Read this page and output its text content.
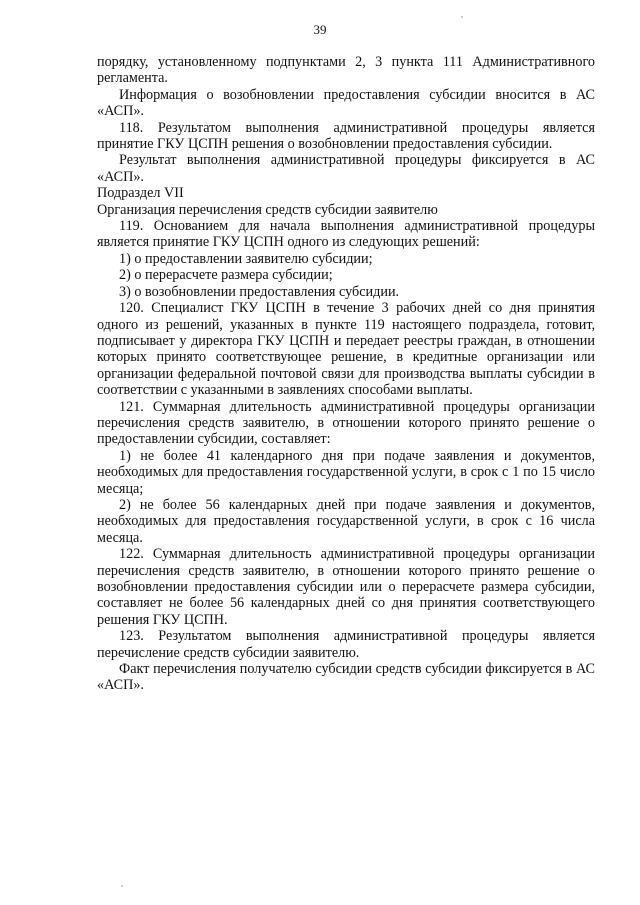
39

порядку, установленному подпунктами 2, 3 пункта 111 Административного регламента.

Информация о возобновлении предоставления субсидии вносится в АС «АСП».

118. Результатом выполнения административной процедуры является принятие ГКУ ЦСПН решения о возобновлении предоставления субсидии.

Результат выполнения административной процедуры фиксируется в АС «АСП».

Подраздел VII

Организация перечисления средств субсидии заявителю

119. Основанием для начала выполнения административной процедуры является принятие ГКУ ЦСПН одного из следующих решений:

1) о предоставлении заявителю субсидии;

2) о перерасчете размера субсидии;

3) о возобновлении предоставления субсидии.

120. Специалист ГКУ ЦСПН в течение 3 рабочих дней со дня принятия одного из решений, указанных в пункте 119 настоящего подраздела, готовит, подписывает у директора ГКУ ЦСПН и передает реестры граждан, в отношении которых принято соответствующее решение, в кредитные организации или организации федеральной почтовой связи для производства выплаты субсидии в соответствии с указанными в заявлениях способами выплаты.

121. Суммарная длительность административной процедуры организации перечисления средств заявителю, в отношении которого принято решение о предоставлении субсидии, составляет:

1) не более 41 календарного дня при подаче заявления и документов, необходимых для предоставления государственной услуги, в срок с 1 по 15 число месяца;

2) не более 56 календарных дней при подаче заявления и документов, необходимых для предоставления государственной услуги, в срок с 16 числа месяца.

122. Суммарная длительность административной процедуры организации перечисления средств заявителю, в отношении которого принято решение о возобновлении предоставления субсидии или о перерасчете размера субсидии, составляет не более 56 календарных дней со дня принятия соответствующего решения ГКУ ЦСПН.

123. Результатом выполнения административной процедуры является перечисление средств субсидии заявителю.

Факт перечисления получателю субсидии средств субсидии фиксируется в АС «АСП».
